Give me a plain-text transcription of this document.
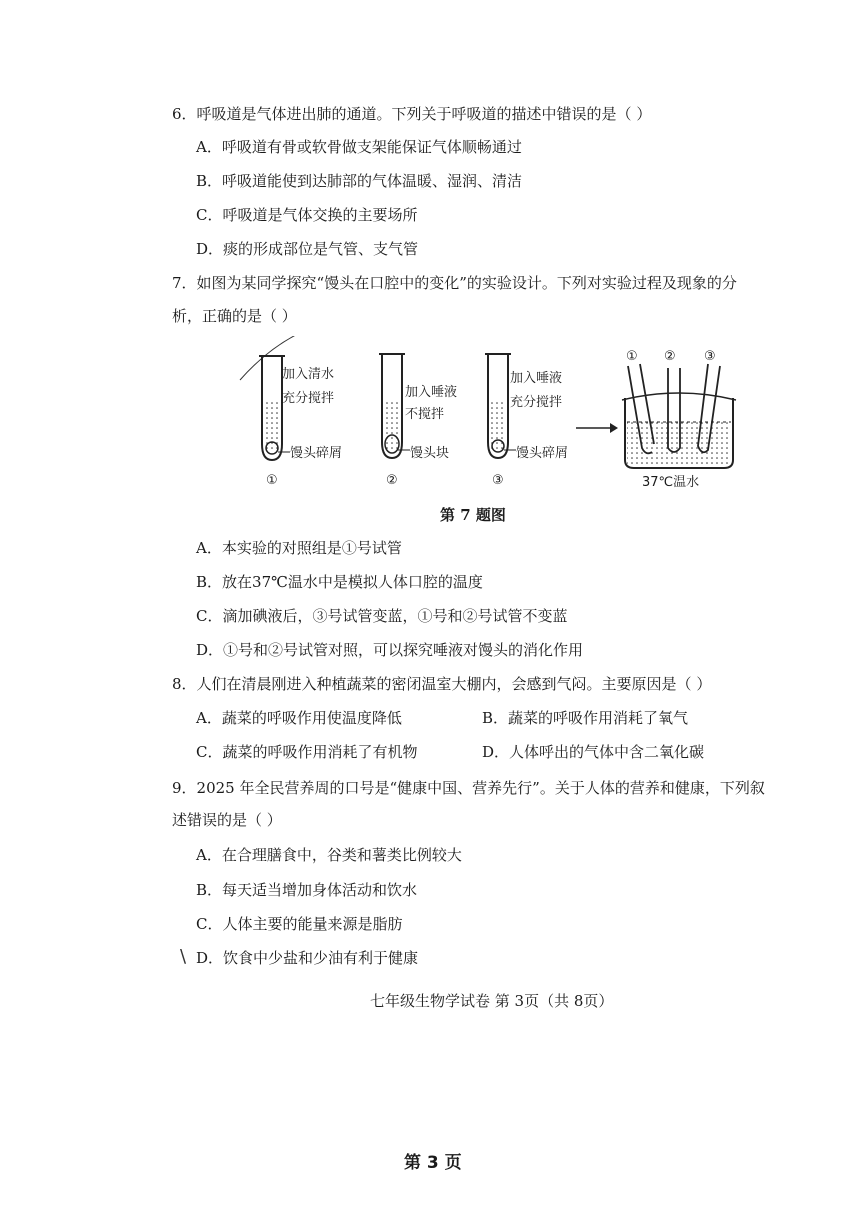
6．呼吸道是气体进出肺的通道。下列关于呼吸道的描述中错误的是（ ）
A．呼吸道有骨或软骨做支架能保证气体顺畅通过
B．呼吸道能使到达肺部的气体温暖、湿润、清洁
C．呼吸道是气体交换的主要场所
D．痰的形成部位是气管、支气管
7．如图为某同学探究“馒头在口腔中的变化”的实验设计。下列对实验过程及现象的分
析，正确的是（ ）
加入清水
充分搅拌
馒头碎屑
①
加入唾液
不搅拌
馒头块
②
加入唾液
充分搅拌
馒头碎屑
③
① ② ③
37℃温水
第 7 题图
A．本实验的对照组是①号试管
B．放在37℃温水中是模拟人体口腔的温度
C．滴加碘液后，③号试管变蓝，①号和②号试管不变蓝
D．①号和②号试管对照，可以探究唾液对馒头的消化作用
8．人们在清晨刚进入种植蔬菜的密闭温室大棚内，会感到气闷。主要原因是（ ）
A．蔬菜的呼吸作用使温度降低	B．蔬菜的呼吸作用消耗了氧气
C．蔬菜的呼吸作用消耗了有机物	D．人体呼出的气体中含二氧化碳
9．2025 年全民营养周的口号是“健康中国、营养先行”。关于人体的营养和健康，下列叙
述错误的是（ ）
A．在合理膳食中，谷类和薯类比例较大
B．每天适当增加身体活动和饮水
C．人体主要的能量来源是脂肪
D．饮食中少盐和少油有利于健康
\
七年级生物学试卷 第 3页（共 8页）
第 3 页
